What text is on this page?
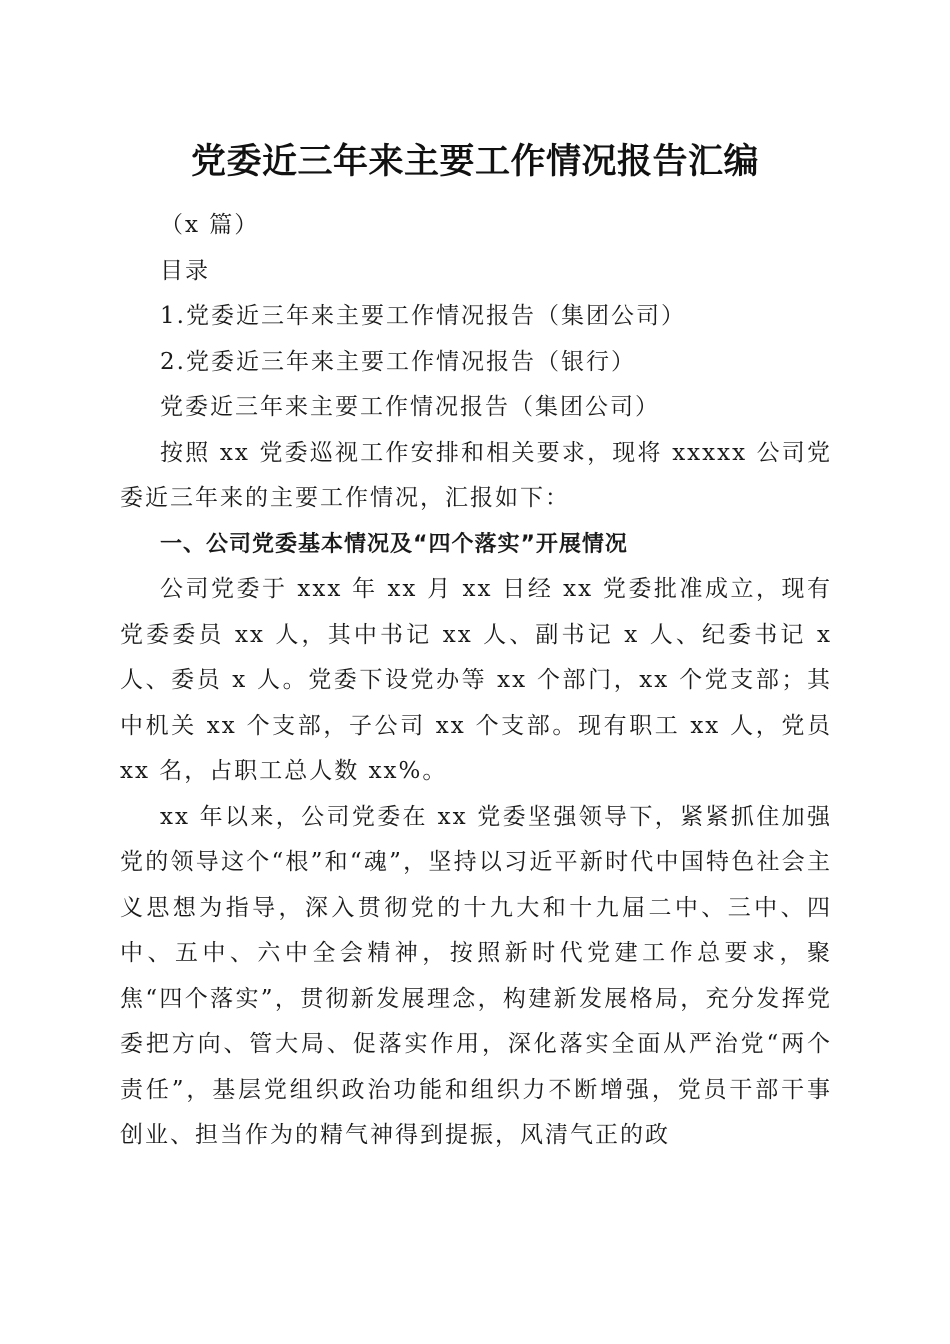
党委近三年来主要工作情况报告汇编

（x 篇）

目录

1.党委近三年来主要工作情况报告（集团公司）

2.党委近三年来主要工作情况报告（银行）

党委近三年来主要工作情况报告（集团公司）

按照 xx 党委巡视工作安排和相关要求，现将 xxxxx 公司党委近三年来的主要工作情况，汇报如下：

一、公司党委基本情况及“四个落实”开展情况

公司党委于 xxx 年 xx 月 xx 日经 xx 党委批准成立，现有党委委员 xx 人，其中书记 xx 人、副书记 x 人、纪委书记 x 人、委员 x 人。党委下设党办等 xx 个部门，xx 个党支部；其中机关 xx 个支部，子公司 xx 个支部。现有职工 xx 人，党员 xx 名，占职工总人数 xx%。

xx 年以来，公司党委在 xx 党委坚强领导下，紧紧抓住加强党的领导这个“根”和“魂”，坚持以习近平新时代中国特色社会主义思想为指导，深入贯彻党的十九大和十九届二中、三中、四中、五中、六中全会精神，按照新时代党建工作总要求，聚焦“四个落实”，贯彻新发展理念，构建新发展格局，充分发挥党委把方向、管大局、促落实作用，深化落实全面从严治党“两个责任”，基层党组织政治功能和组织力不断增强，党员干部干事创业、担当作为的精气神得到提振，风清气正的政
